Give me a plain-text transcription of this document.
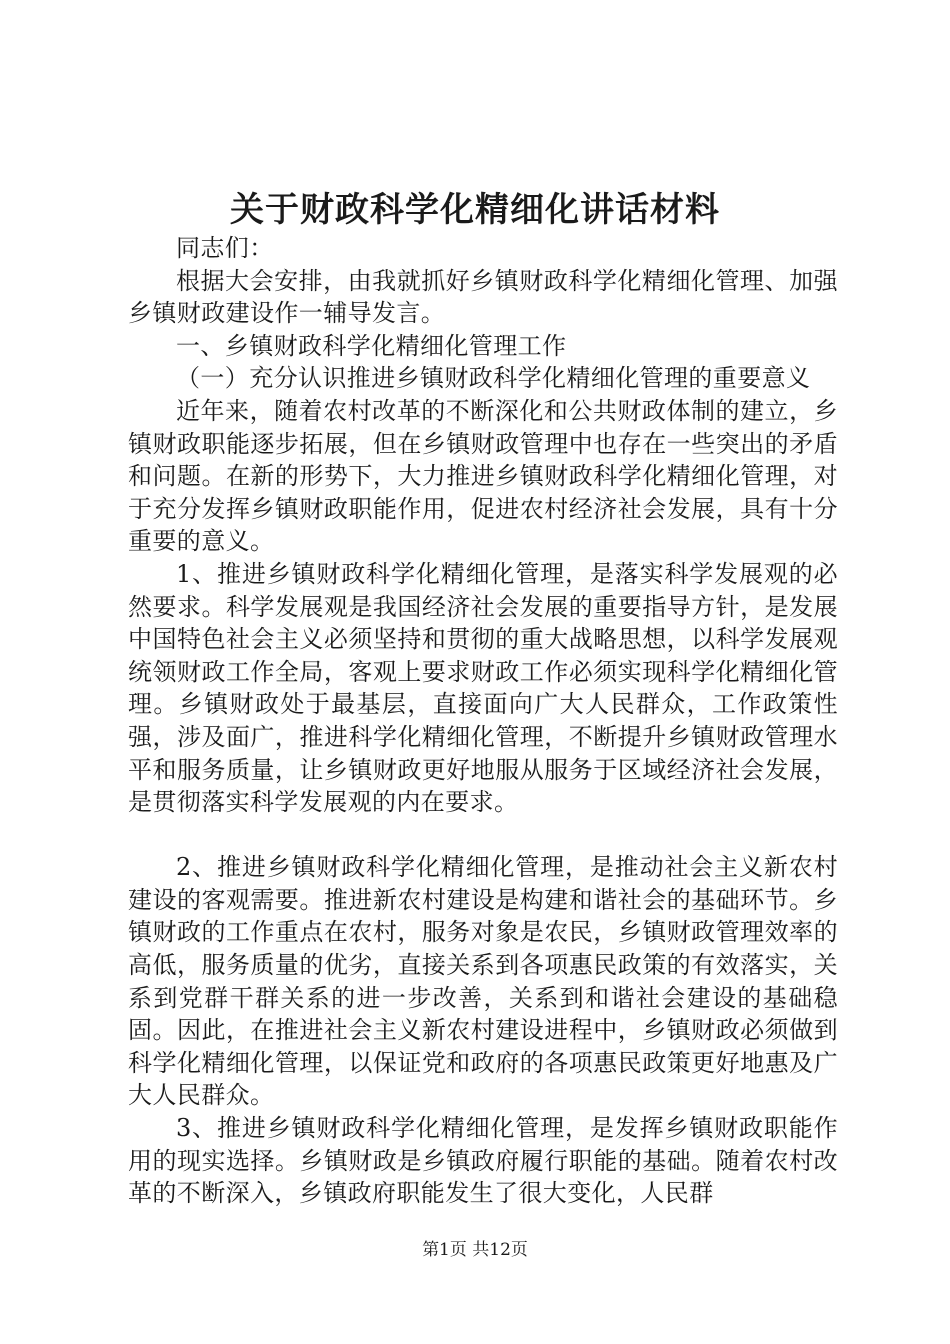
关于财政科学化精细化讲话材料

同志们：

根据大会安排，由我就抓好乡镇财政科学化精细化管理、加强乡镇财政建设作一辅导发言。

一、乡镇财政科学化精细化管理工作

（一）充分认识推进乡镇财政科学化精细化管理的重要意义

近年来，随着农村改革的不断深化和公共财政体制的建立，乡镇财政职能逐步拓展，但在乡镇财政管理中也存在一些突出的矛盾和问题。在新的形势下，大力推进乡镇财政科学化精细化管理，对于充分发挥乡镇财政职能作用，促进农村经济社会发展，具有十分重要的意义。

1、推进乡镇财政科学化精细化管理，是落实科学发展观的必然要求。科学发展观是我国经济社会发展的重要指导方针，是发展中国特色社会主义必须坚持和贯彻的重大战略思想，以科学发展观统领财政工作全局，客观上要求财政工作必须实现科学化精细化管理。乡镇财政处于最基层，直接面向广大人民群众，工作政策性强，涉及面广，推进科学化精细化管理，不断提升乡镇财政管理水平和服务质量，让乡镇财政更好地服从服务于区域经济社会发展，是贯彻落实科学发展观的内在要求。

2、推进乡镇财政科学化精细化管理，是推动社会主义新农村建设的客观需要。推进新农村建设是构建和谐社会的基础环节。乡镇财政的工作重点在农村，服务对象是农民，乡镇财政管理效率的高低，服务质量的优劣，直接关系到各项惠民政策的有效落实，关系到党群干群关系的进一步改善，关系到和谐社会建设的基础稳固。因此，在推进社会主义新农村建设进程中，乡镇财政必须做到科学化精细化管理，以保证党和政府的各项惠民政策更好地惠及广大人民群众。

3、推进乡镇财政科学化精细化管理，是发挥乡镇财政职能作用的现实选择。乡镇财政是乡镇政府履行职能的基础。随着农村改革的不断深入，乡镇政府职能发生了很大变化，人民群

第1页 共12页
